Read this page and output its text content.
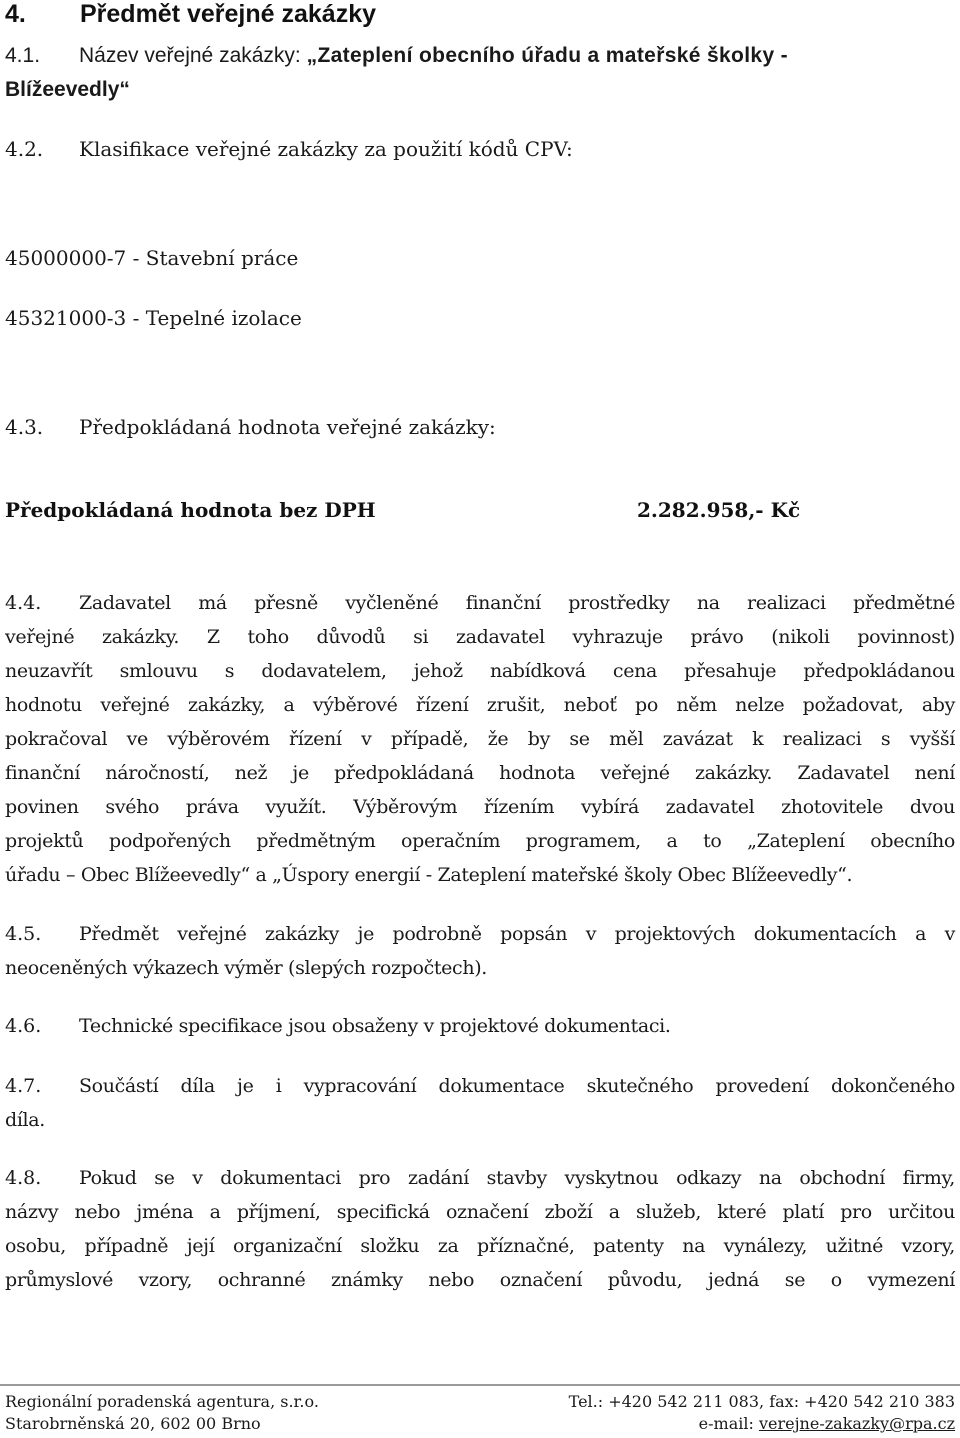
4. Předmět veřejné zakázky
4.1. Název veřejné zakázky: „Zateplení obecního úřadu a mateřské školky -
Blížeevedly“
4.2. Klasifikace veřejné zakázky za použití kódů CPV:
45000000-7 - Stavební práce
45321000-3 - Tepelné izolace
4.3. Předpokládaná hodnota veřejné zakázky:
Předpokládaná hodnota bez DPH	2.282.958,- Kč
4.4. Zadavatel má přesně vyčleněné finanční prostředky na realizaci předmětné
veřejné zakázky. Z toho důvodů si zadavatel vyhrazuje právo (nikoli povinnost)
neuzavřít smlouvu s dodavatelem, jehož nabídková cena přesahuje předpokládanou
hodnotu veřejné zakázky, a výběrové řízení zrušit, neboť po něm nelze požadovat, aby
pokračoval ve výběrovém řízení v případě, že by se měl zavázat k realizaci s vyšší
finanční náročností, než je předpokládaná hodnota veřejné zakázky. Zadavatel není
povinen svého práva využít. Výběrovým řízením vybírá zadavatel zhotovitele dvou
projektů podpořených předmětným operačním programem, a to „Zateplení obecního
úřadu – Obec Blížeevedly“ a „Úspory energií - Zateplení mateřské školy Obec Blížeevedly“.
4.5. Předmět veřejné zakázky je podrobně popsán v projektových dokumentacích a v
neoceněných výkazech výměr (slepých rozpočtech).
4.6. Technické specifikace jsou obsaženy v projektové dokumentaci.
4.7. Součástí díla je i vypracování dokumentace skutečného provedení dokončeného
díla.
4.8. Pokud se v dokumentaci pro zadání stavby vyskytnou odkazy na obchodní firmy,
názvy nebo jména a příjmení, specifická označení zboží a služeb, které platí pro určitou
osobu, případně její organizační složku za příznačné, patenty na vynálezy, užitné vzory,
průmyslové vzory, ochranné známky nebo označení původu, jedná se o vymezení
Regionální poradenská agentura, s.r.o.	Tel.: +420 542 211 083, fax: +420 542 210 383
Starobrněnská 20, 602 00 Brno	e-mail: verejne-zakazky@rpa.cz
